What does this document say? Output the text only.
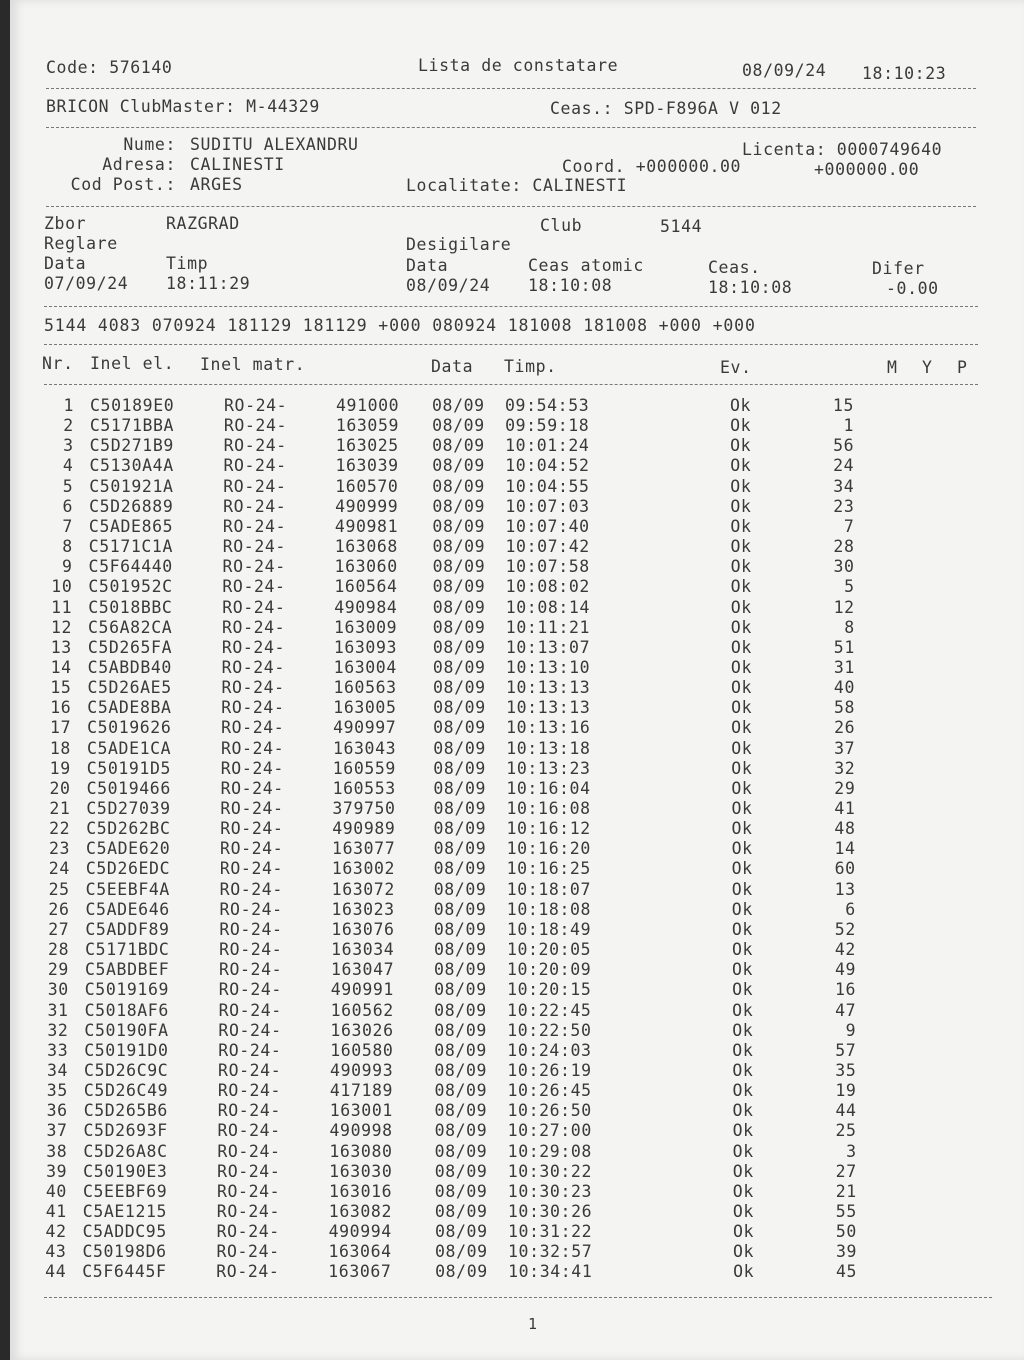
Code: 576140	Lista de constatare	08/09/24 18:10:23
BRICON ClubMaster: M-44329	Ceas.: SPD-F896A V 012
Nume: SUDITU ALEXANDRU	Licenta: 0000749640
Adresa: CALINESTI	Coord. +000000.00	+000000.00
Cod Post.: ARGES	Localitate: CALINESTI
Zbor	RAZGRAD	Club	5144
Reglare	Desigilare
Data	Timp	Data	Ceas atomic	Ceas.	Difer
07/09/24 18:11:29	08/09/24 18:10:08	18:10:08	-0.00
5144 4083 070924 181129 181129 +000 080924 181008 181008 +000 +000
Nr. Inel el. Inel matr.	Data Timp.	Ev.	M Y P
1 C50189E0	RO-24-	491000 08/09 09:54:53	Ok	15
2 C5171BBA	RO-24-	163059 08/09 09:59:18	Ok	1
3 C5D271B9	RO-24-	163025 08/09 10:01:24	Ok	56
4 C5130A4A	RO-24-	163039 08/09 10:04:52	Ok	24
5 C501921A	RO-24-	160570 08/09 10:04:55	Ok	34
6 C5D26889	RO-24-	490999 08/09 10:07:03	Ok	23
7 C5ADE865	RO-24-	490981 08/09 10:07:40	Ok	7
8 C5171C1A	RO-24-	163068 08/09 10:07:42	Ok	28
9 C5F64440	RO-24-	163060 08/09 10:07:58	Ok	30
10 C501952C	RO-24-	160564 08/09 10:08:02	Ok	5
11 C5018BBC	RO-24-	490984 08/09 10:08:14	Ok	12
12 C56A82CA	RO-24-	163009 08/09 10:11:21	Ok	8
13 C5D265FA	RO-24-	163093 08/09 10:13:07	Ok	51
14 C5ABDB40	RO-24-	163004 08/09 10:13:10	Ok	31
15 C5D26AE5	RO-24-	160563 08/09 10:13:13	Ok	40
16 C5ADE8BA	RO-24-	163005 08/09 10:13:13	Ok	58
17 C5019626	RO-24-	490997 08/09 10:13:16	Ok	26
18 C5ADE1CA	RO-24-	163043 08/09 10:13:18	Ok	37
19 C50191D5	RO-24-	160559 08/09 10:13:23	Ok	32
20 C5019466	RO-24-	160553 08/09 10:16:04	Ok	29
21 C5D27039	RO-24-	379750 08/09 10:16:08	Ok	41
22 C5D262BC	RO-24-	490989 08/09 10:16:12	Ok	48
23 C5ADE620	RO-24-	163077 08/09 10:16:20	Ok	14
24 C5D26EDC	RO-24-	163002 08/09 10:16:25	Ok	60
25 C5EEBF4A	RO-24-	163072 08/09 10:18:07	Ok	13
26 C5ADE646	RO-24-	163023 08/09 10:18:08	Ok	6
27 C5ADDF89	RO-24-	163076 08/09 10:18:49	Ok	52
28 C5171BDC	RO-24-	163034 08/09 10:20:05	Ok	42
29 C5ABDBEF	RO-24-	163047 08/09 10:20:09	Ok	49
30 C5019169	RO-24-	490991 08/09 10:20:15	Ok	16
31 C5018AF6	RO-24-	160562 08/09 10:22:45	Ok	47
32 C50190FA	RO-24-	163026 08/09 10:22:50	Ok	9
33 C50191D0	RO-24-	160580 08/09 10:24:03	Ok	57
34 C5D26C9C	RO-24-	490993 08/09 10:26:19	Ok	35
35 C5D26C49	RO-24-	417189	08/09 10:26:45	Ok	19
36 C5D265B6	RO-24-	163001	08/09 10:26:50	Ok	44
37 C5D2693F	RO-24-	490998	08/09 10:27:00	Ok	25
38 C5D26A8C	RO-24-	163080	08/09 10:29:08	Ok	3
39 C50190E3	RO-24-	163030	08/09 10:30:22	Ok	27
40 C5EEBF69	RO-24-	163016	08/09 10:30:23	Ok	21
41 C5AE1215	RO-24-	163082	08/09 10:30:26	Ok	55
42 C5ADDC95	RO-24-	490994	08/09 10:31:22	Ok	50
43 C50198D6	RO-24-	163064	08/09 10:32:57	Ok	39
44 C5F6445F	RO-24-	163067	08/09 10:34:41	Ok	45
1
